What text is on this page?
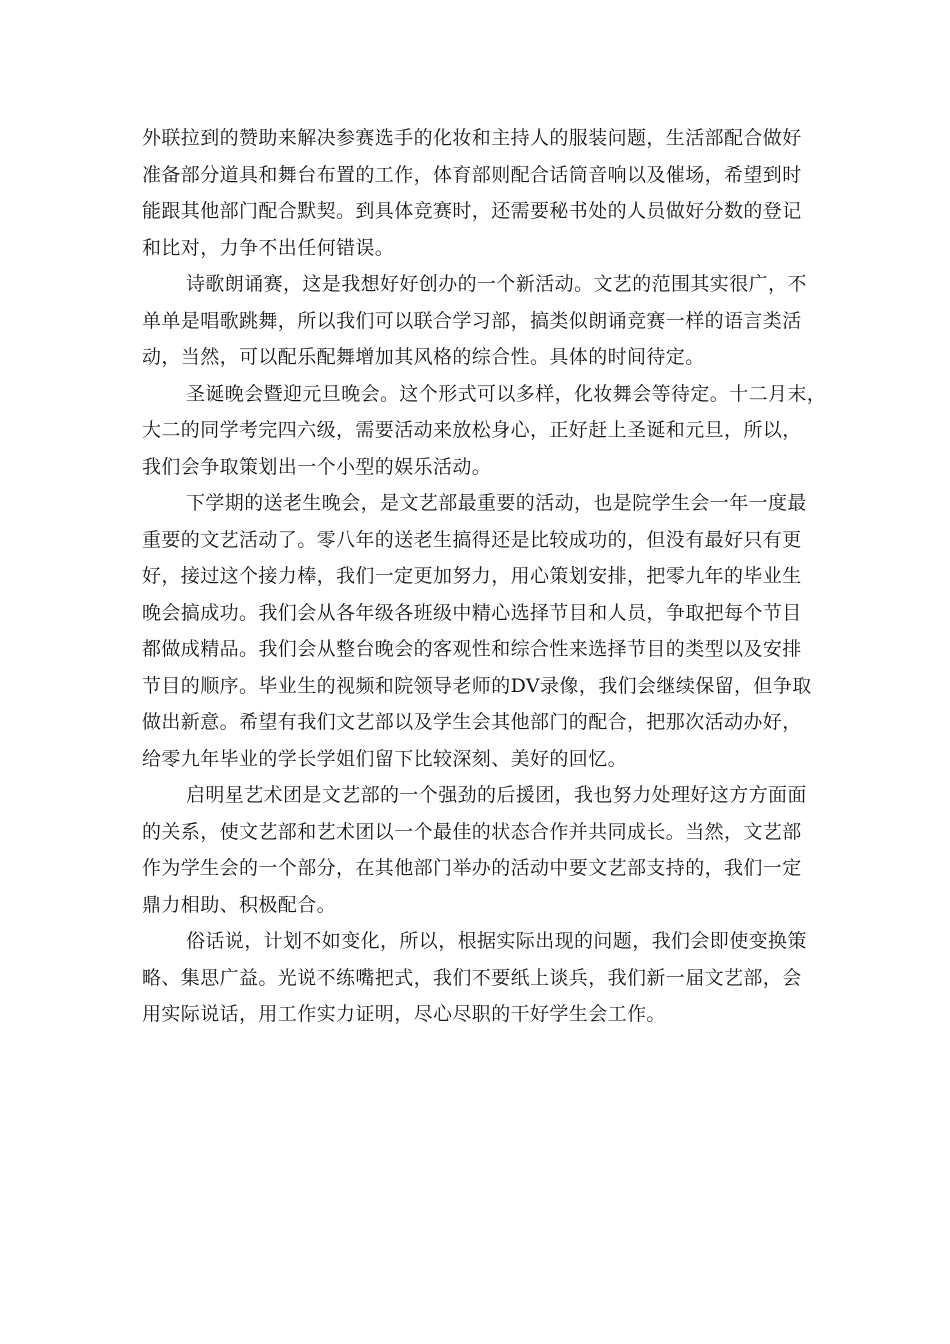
外联拉到的赞助来解决参赛选手的化妆和主持人的服装问题，生活部配合做好
准备部分道具和舞台布置的工作，体育部则配合话筒音响以及催场，希望到时
能跟其他部门配合默契。到具体竞赛时，还需要秘书处的人员做好分数的登记
和比对，力争不出任何错误。
诗歌朗诵赛，这是我想好好创办的一个新活动。文艺的范围其实很广，不
单单是唱歌跳舞，所以我们可以联合学习部，搞类似朗诵竞赛一样的语言类活
动，当然，可以配乐配舞增加其风格的综合性。具体的时间待定。
圣诞晚会暨迎元旦晚会。这个形式可以多样，化妆舞会等待定。十二月末，
大二的同学考完四六级，需要活动来放松身心，正好赶上圣诞和元旦，所以，
我们会争取策划出一个小型的娱乐活动。
下学期的送老生晚会，是文艺部最重要的活动，也是院学生会一年一度最
重要的文艺活动了。零八年的送老生搞得还是比较成功的，但没有最好只有更
好，接过这个接力棒，我们一定更加努力，用心策划安排，把零九年的毕业生
晚会搞成功。我们会从各年级各班级中精心选择节目和人员，争取把每个节目
都做成精品。我们会从整台晚会的客观性和综合性来选择节目的类型以及安排
节目的顺序。毕业生的视频和院领导老师的DV录像，我们会继续保留，但争取
做出新意。希望有我们文艺部以及学生会其他部门的配合，把那次活动办好，
给零九年毕业的学长学姐们留下比较深刻、美好的回忆。
启明星艺术团是文艺部的一个强劲的后援团，我也努力处理好这方方面面
的关系，使文艺部和艺术团以一个最佳的状态合作并共同成长。当然，文艺部
作为学生会的一个部分，在其他部门举办的活动中要文艺部支持的，我们一定
鼎力相助、积极配合。
俗话说，计划不如变化，所以，根据实际出现的问题，我们会即使变换策
略、集思广益。光说不练嘴把式，我们不要纸上谈兵，我们新一届文艺部，会
用实际说话，用工作实力证明，尽心尽职的干好学生会工作。
